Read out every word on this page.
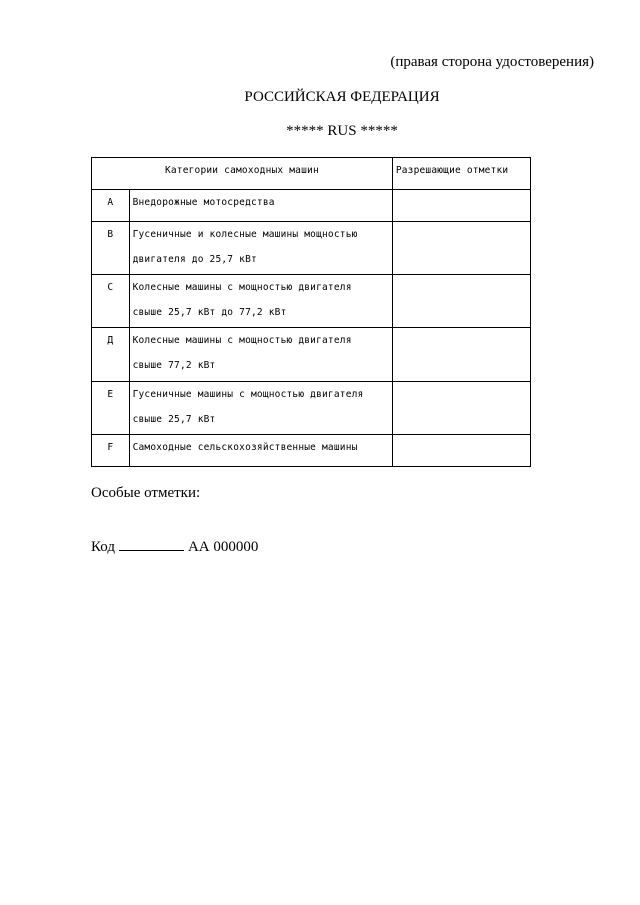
(правая сторона удостоверения)
РОССИЙСКАЯ ФЕДЕРАЦИЯ
***** RUS *****
Категории самоходных машин		Разрешающие отметки
A	Внедорожные мотосредства	
B	Гусеничные и колесные машины мощностью
двигателя до 25,7 кВт	

C	Колесные машины с мощностью двигателя
свыше 25,7 кВт до 77,2 кВт	

Д	Колесные машины с мощностью двигателя
свыше 77,2 кВт	

E	Гусеничные машины с мощностью двигателя
свыше 25,7 кВт	

F	Самоходные сельскохозяйственные машины	
Особые отметки:
Код	АА 000000
